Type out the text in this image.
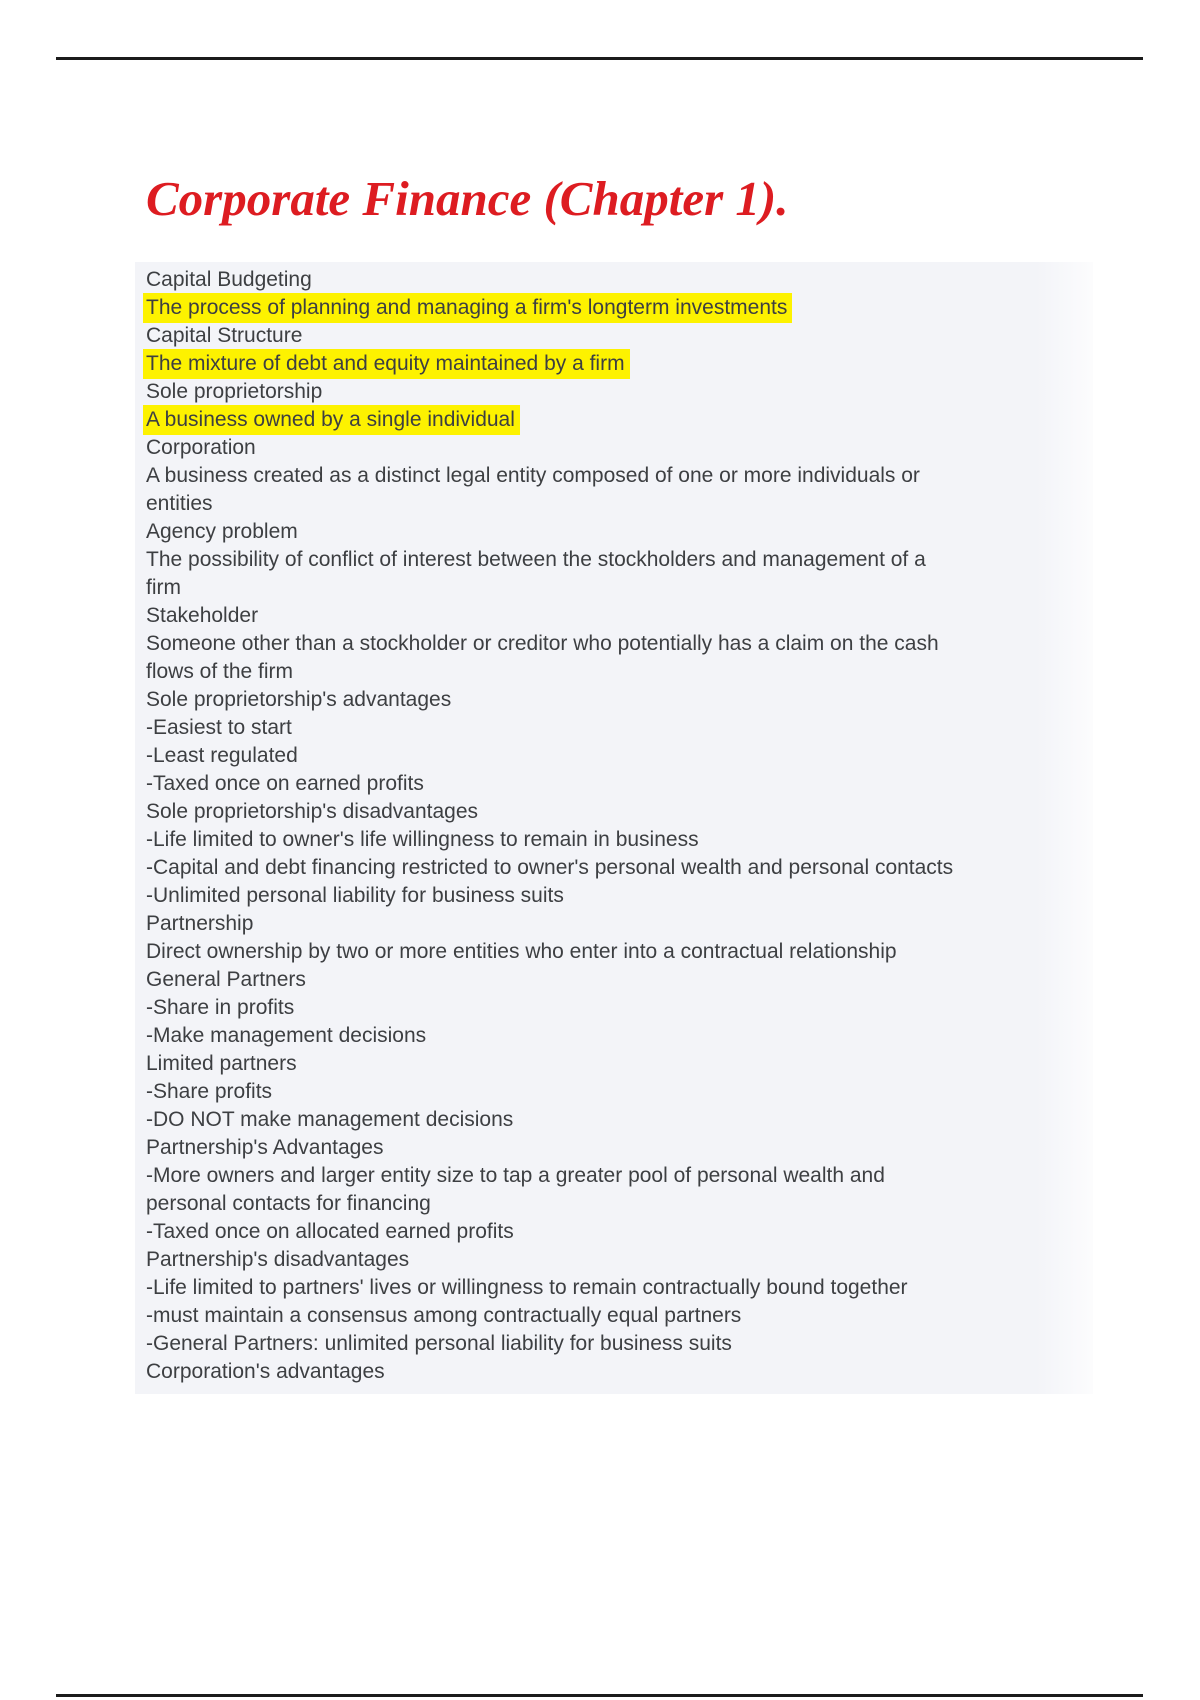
Corporate Finance (Chapter 1).
Capital Budgeting
The process of planning and managing a firm's longterm investments
Capital Structure
The mixture of debt and equity maintained by a firm
Sole proprietorship
A business owned by a single individual
Corporation
A business created as a distinct legal entity composed of one or more individuals or
entities
Agency problem
The possibility of conflict of interest between the stockholders and management of a
firm
Stakeholder
Someone other than a stockholder or creditor who potentially has a claim on the cash
flows of the firm
Sole proprietorship's advantages
-Easiest to start
-Least regulated
-Taxed once on earned profits
Sole proprietorship's disadvantages
-Life limited to owner's life willingness to remain in business
-Capital and debt financing restricted to owner's personal wealth and personal contacts
-Unlimited personal liability for business suits
Partnership
Direct ownership by two or more entities who enter into a contractual relationship
General Partners
-Share in profits
-Make management decisions
Limited partners
-Share profits
-DO NOT make management decisions
Partnership's Advantages
-More owners and larger entity size to tap a greater pool of personal wealth and
personal contacts for financing
-Taxed once on allocated earned profits
Partnership's disadvantages
-Life limited to partners' lives or willingness to remain contractually bound together
-must maintain a consensus among contractually equal partners
-General Partners: unlimited personal liability for business suits
Corporation's advantages
